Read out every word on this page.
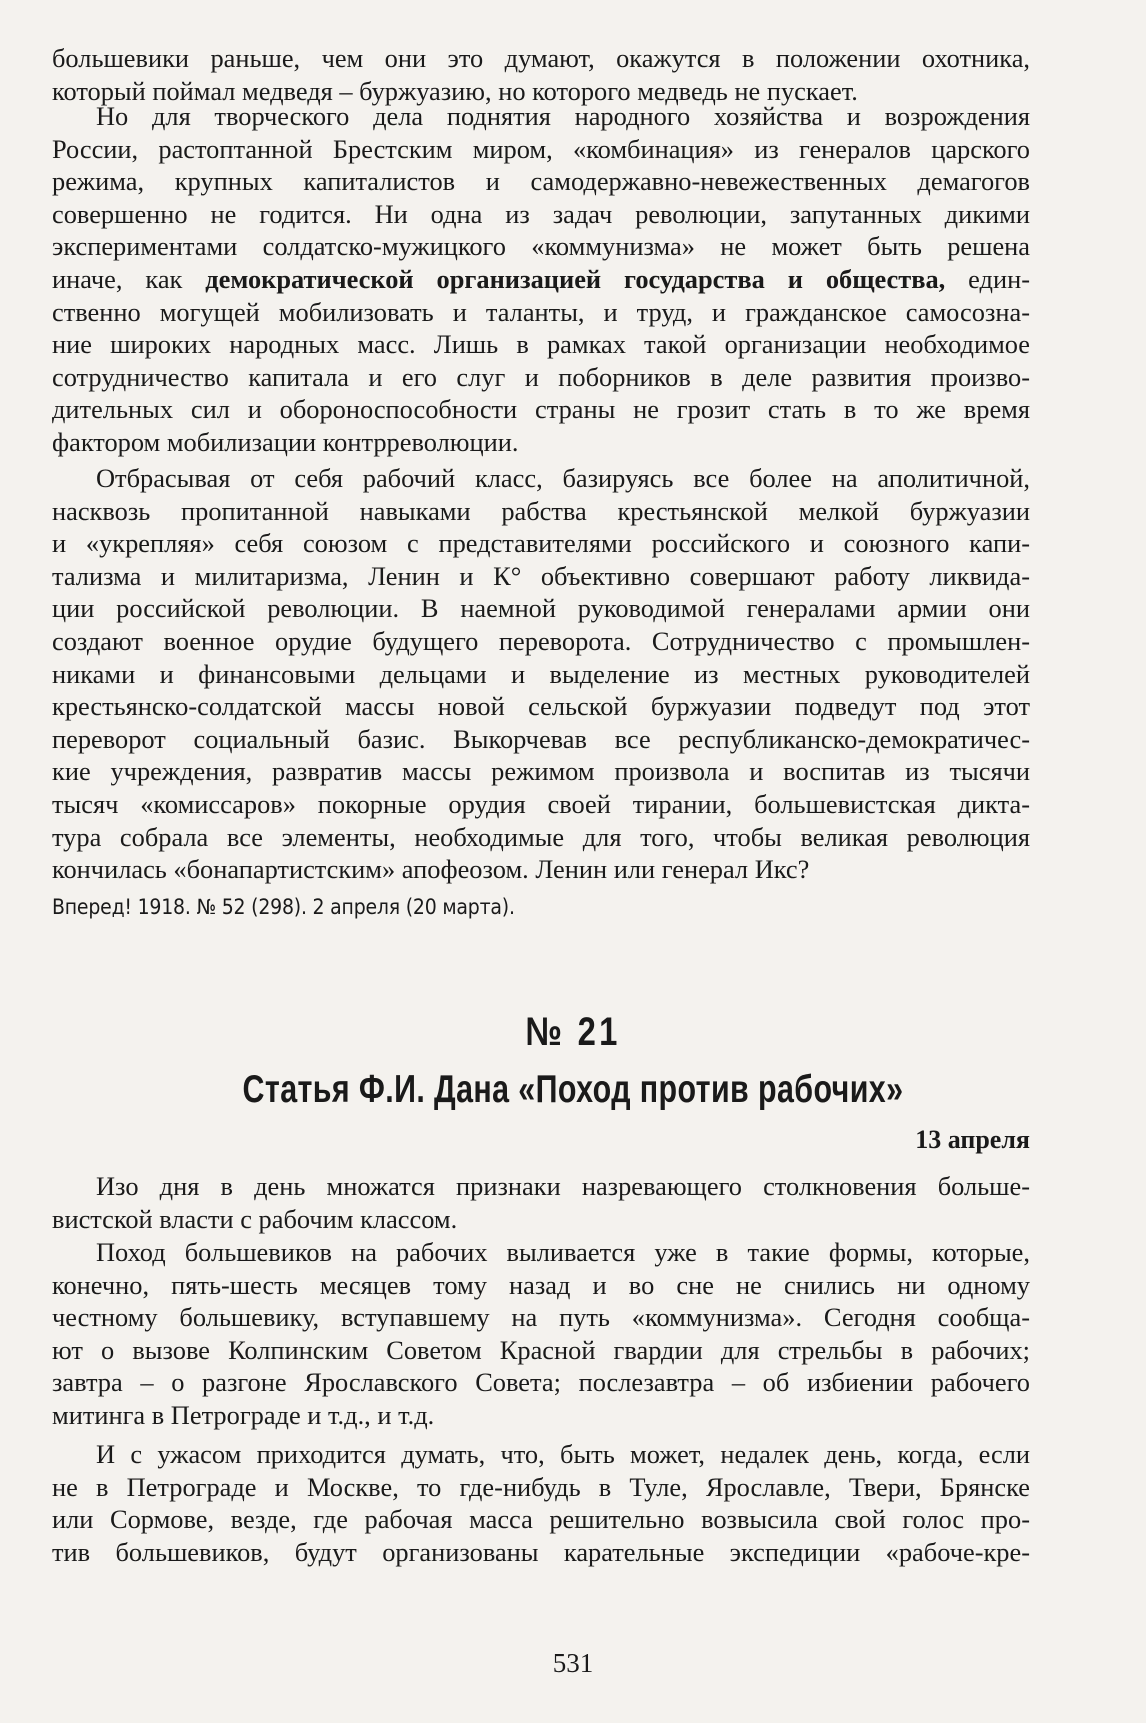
большевики раньше, чем они это думают, окажутся в положении охотника,
который поймал медведя – буржуазию, но которого медведь не пускает.
Но для творческого дела поднятия народного хозяйства и возрождения
России, растоптанной Брестским миром, «комбинация» из генералов царского
режима, крупных капиталистов и самодержавно-невежественных демагогов
совершенно не годится. Ни одна из задач революции, запутанных дикими
экспериментами солдатско-мужицкого «коммунизма» не может быть решена
иначе, как демократической организацией государства и общества, един-
ственно могущей мобилизовать и таланты, и труд, и гражданское самосозна-
ние широких народных масс. Лишь в рамках такой организации необходимое
сотрудничество капитала и его слуг и поборников в деле развития произво-
дительных сил и обороноспособности страны не грозит стать в то же время
фактором мобилизации контрреволюции.
Отбрасывая от себя рабочий класс, базируясь все более на аполитичной,
насквозь пропитанной навыками рабства крестьянской мелкой буржуазии
и «укрепляя» себя союзом с представителями российского и союзного капи-
тализма и милитаризма, Ленин и К° объективно совершают работу ликвида-
ции российской революции. В наемной руководимой генералами армии они
создают военное орудие будущего переворота. Сотрудничество с промышлен-
никами и финансовыми дельцами и выделение из местных руководителей
крестьянско-солдатской массы новой сельской буржуазии подведут под этот
переворот социальный базис. Выкорчевав все республиканско-демократичес-
кие учреждения, развратив массы режимом произвола и воспитав из тысячи
тысяч «комиссаров» покорные орудия своей тирании, большевистская дикта-
тура собрала все элементы, необходимые для того, чтобы великая революция
кончилась «бонапартистским» апофеозом. Ленин или генерал Икс?
Вперед! 1918. № 52 (298). 2 апреля (20 марта).
№ 21
Статья Ф.И. Дана «Поход против рабочих»
13 апреля
Изо дня в день множатся признаки назревающего столкновения больше-
вистской власти с рабочим классом.
Поход большевиков на рабочих выливается уже в такие формы, которые,
конечно, пять-шесть месяцев тому назад и во сне не снились ни одному
честному большевику, вступавшему на путь «коммунизма». Сегодня сообща-
ют о вызове Колпинским Советом Красной гвардии для стрельбы в рабочих;
завтра – о разгоне Ярославского Совета; послезавтра – об избиении рабочего
митинга в Петрограде и т.д., и т.д.
И с ужасом приходится думать, что, быть может, недалек день, когда, если
не в Петрограде и Москве, то где-нибудь в Туле, Ярославле, Твери, Брянске
или Сормове, везде, где рабочая масса решительно возвысила свой голос про-
тив большевиков, будут организованы карательные экспедиции «рабоче-кре-
531
